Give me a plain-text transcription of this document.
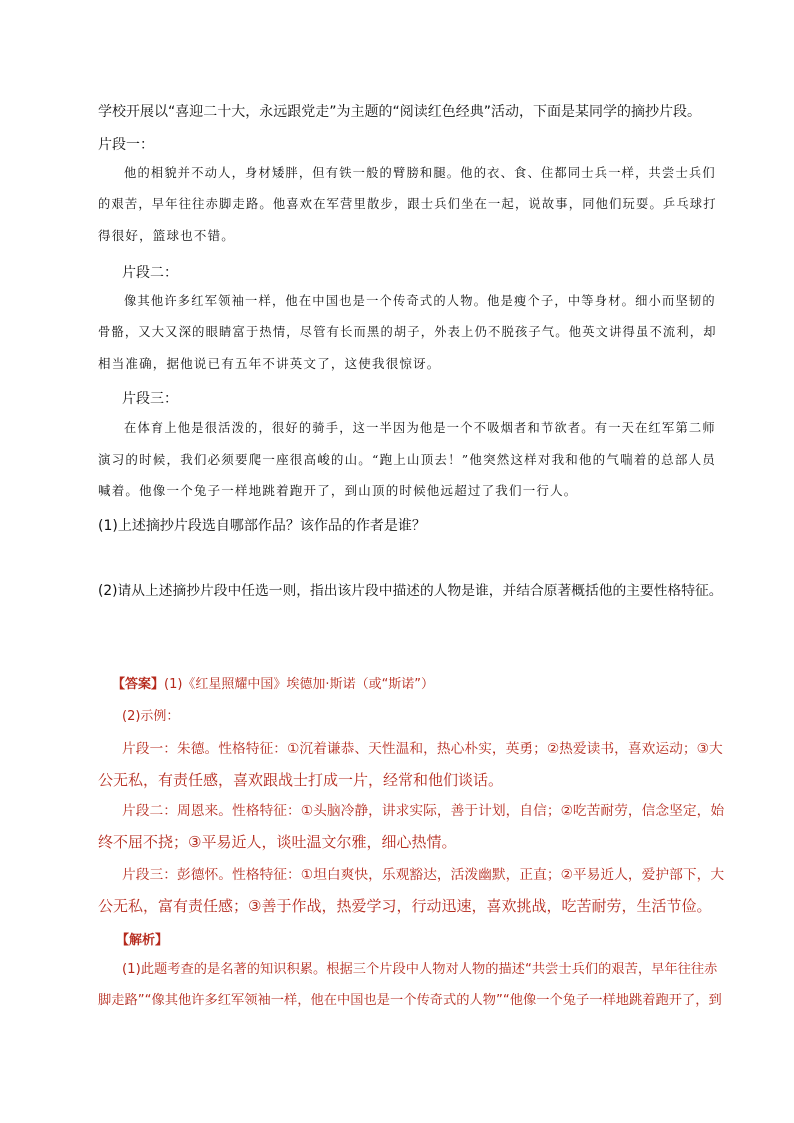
学校开展以“喜迎二十大，永远跟党走”为主题的“阅读红色经典”活动，下面是某同学的摘抄片段。
片段一：
他的相貌并不动人，身材矮胖，但有铁一般的臂膀和腿。他的衣、食、住都同士兵一样，共尝士兵们
的艰苦，早年往往赤脚走路。他喜欢在军营里散步，跟士兵们坐在一起，说故事，同他们玩耍。乒乓球打
得很好，篮球也不错。
片段二：
像其他许多红军领袖一样，他在中国也是一个传奇式的人物。他是瘦个子，中等身材。细小而坚韧的
骨骼，又大又深的眼睛富于热情，尽管有长而黑的胡子，外表上仍不脱孩子气。他英文讲得虽不流利，却
相当准确，据他说已有五年不讲英文了，这使我很惊讶。
片段三：
在体育上他是很活泼的，很好的骑手，这一半因为他是一个不吸烟者和节欲者。有一天在红军第二师
演习的时候，我们必须要爬一座很高峻的山。“跑上山顶去！”他突然这样对我和他的气喘着的总部人员
喊着。他像一个兔子一样地跳着跑开了，到山顶的时候他远超过了我们一行人。
(1)上述摘抄片段选自哪部作品？该作品的作者是谁？
(2)请从上述摘抄片段中任选一则，指出该片段中描述的人物是谁，并结合原著概括他的主要性格特征。
【答案】(1)《红星照耀中国》埃德加·斯诺（或“斯诺”）
(2)示例：
片段一：朱德。性格特征：①沉着谦恭、天性温和，热心朴实，英勇；②热爱读书，喜欢运动；③大
公无私，有责任感，喜欢跟战士打成一片，经常和他们谈话。
片段二：周恩来。性格特征：①头脑冷静，讲求实际，善于计划，自信；②吃苦耐劳，信念坚定，始
终不屈不挠；③平易近人，谈吐温文尔雅，细心热情。
片段三：彭德怀。性格特征：①坦白爽快，乐观豁达，活泼幽默，正直；②平易近人，爱护部下，大
公无私，富有责任感；③善于作战，热爱学习，行动迅速，喜欢挑战，吃苦耐劳，生活节俭。
【解析】
(1)此题考查的是名著的知识积累。根据三个片段中人物对人物的描述“共尝士兵们的艰苦，早年往往赤
脚走路”“像其他许多红军领袖一样，他在中国也是一个传奇式的人物”“他像一个兔子一样地跳着跑开了，到
